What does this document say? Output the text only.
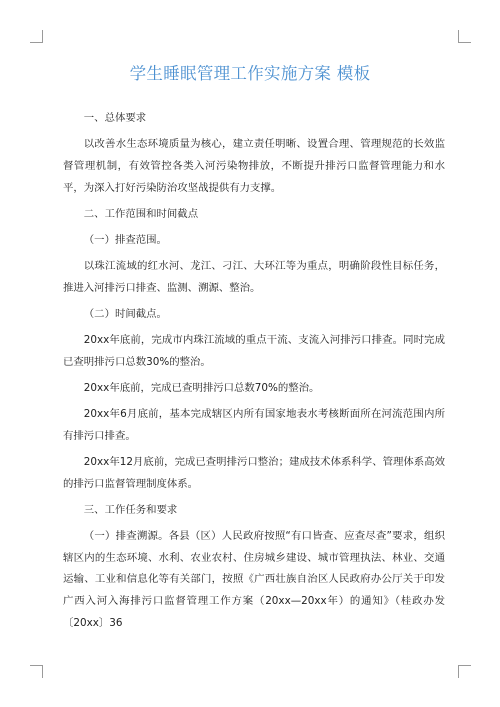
学生睡眠管理工作实施方案 模板

一、总体要求

以改善水生态环境质量为核心，建立责任明晰、设置合理、管理规范的长效监督管理机制，有效管控各类入河污染物排放，不断提升排污口监督管理能力和水平，为深入打好污染防治攻坚战提供有力支撑。

二、工作范围和时间截点

（一）排查范围。

以珠江流域的红水河、龙江、刁江、大环江等为重点，明确阶段性目标任务，推进入河排污口排查、监测、溯源、整治。

（二）时间截点。

20xx年底前，完成市内珠江流域的重点干流、支流入河排污口排查。同时完成已查明排污口总数30%的整治。

20xx年底前，完成已查明排污口总数70%的整治。

20xx年6月底前，基本完成辖区内所有国家地表水考核断面所在河流范围内所有排污口排查。

20xx年12月底前，完成已查明排污口整治；建成技术体系科学、管理体系高效的排污口监督管理制度体系。

三、工作任务和要求

（一）排查溯源。各县（区）人民政府按照“有口皆查、应查尽查”要求，组织辖区内的生态环境、水利、农业农村、住房城乡建设、城市管理执法、林业、交通运输、工业和信息化等有关部门，按照《广西壮族自治区人民政府办公厅关于印发广西入河入海排污口监督管理工作方案（20xx—20xx年）的通知》（桂政办发〔20xx〕36
